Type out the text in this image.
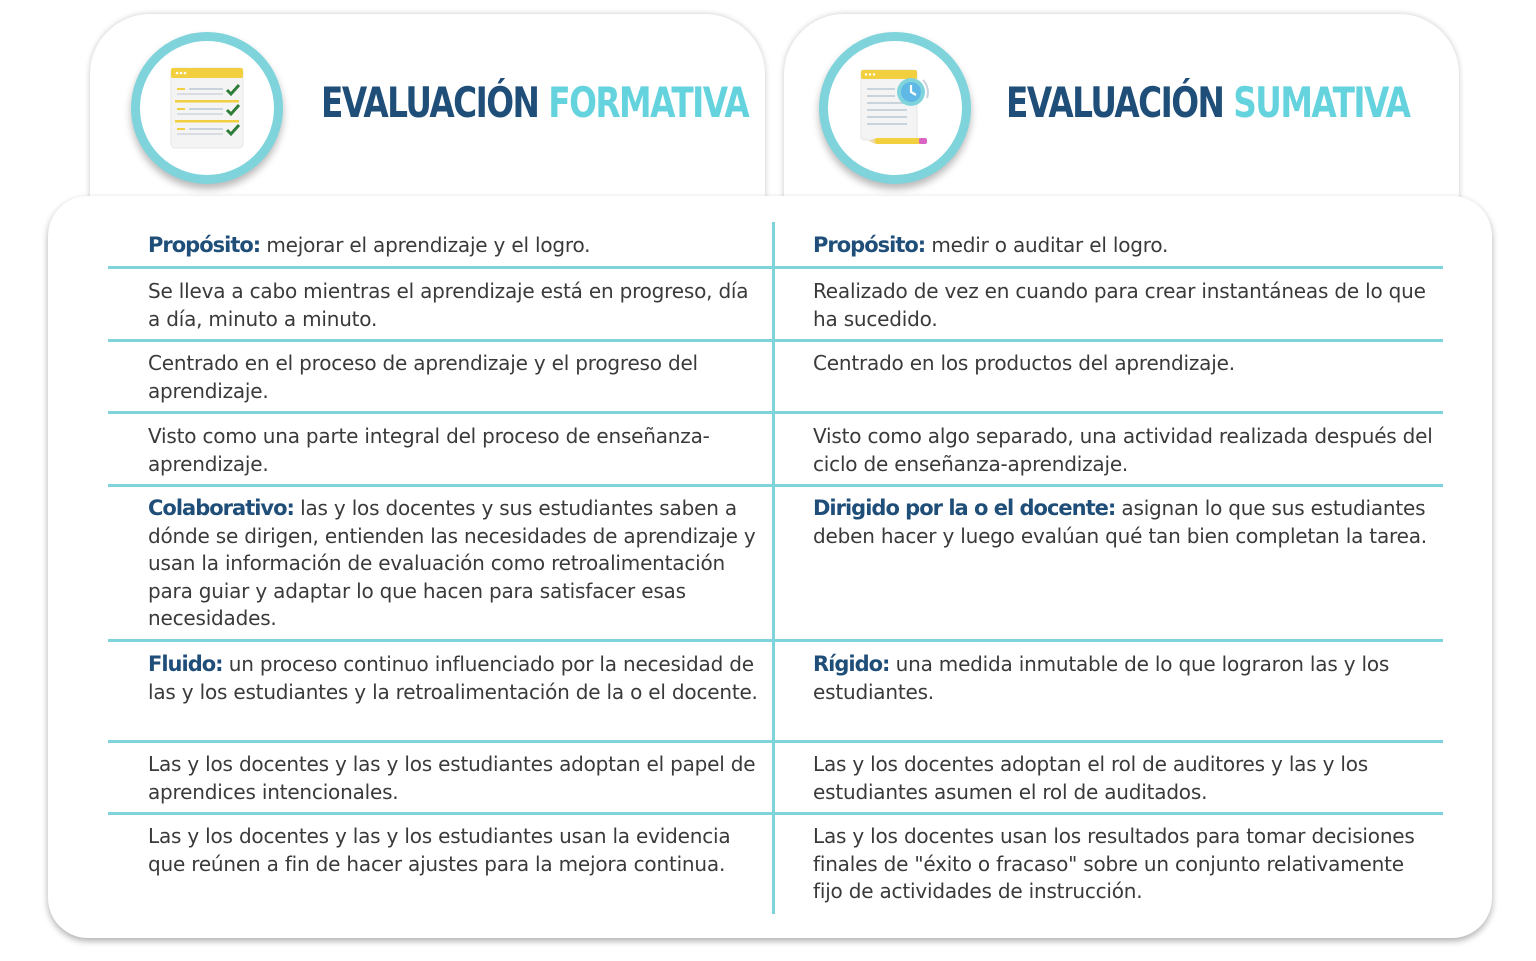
EVALUACIÓN FORMATIVA	EVALUACIÓN SUMATIVA
Propósito: mejorar el aprendizaje y el logro.	Propósito: medir o auditar el logro.
Se lleva a cabo mientras el aprendizaje está en progreso, día a día, minuto a minuto.
Realizado de vez en cuando para crear instantáneas de lo que ha sucedido.
Centrado en el proceso de aprendizaje y el progreso del aprendizaje.
Centrado en los productos del aprendizaje.
Visto como una parte integral del proceso de enseñanza-aprendizaje.
Visto como algo separado, una actividad realizada después del ciclo de enseñanza-aprendizaje.
Colaborativo: las y los docentes y sus estudiantes saben a dónde se dirigen, entienden las necesidades de aprendizaje y usan la información de evaluación como retroalimentación para guiar y adaptar lo que hacen para satisfacer esas necesidades.
Dirigido por la o el docente: asignan lo que sus estudiantes deben hacer y luego evalúan qué tan bien completan la tarea.
Fluido: un proceso continuo influenciado por la necesidad de las y los estudiantes y la retroalimentación de la o el docente.
Rígido: una medida inmutable de lo que lograron las y los estudiantes.
Las y los docentes y las y los estudiantes adoptan el papel de aprendices intencionales.
Las y los docentes adoptan el rol de auditores y las y los estudiantes asumen el rol de auditados.
Las y los docentes y las y los estudiantes usan la evidencia que reúnen a fin de hacer ajustes para la mejora continua.
Las y los docentes usan los resultados para tomar decisiones finales de "éxito o fracaso" sobre un conjunto relativamente fijo de actividades de instrucción.
